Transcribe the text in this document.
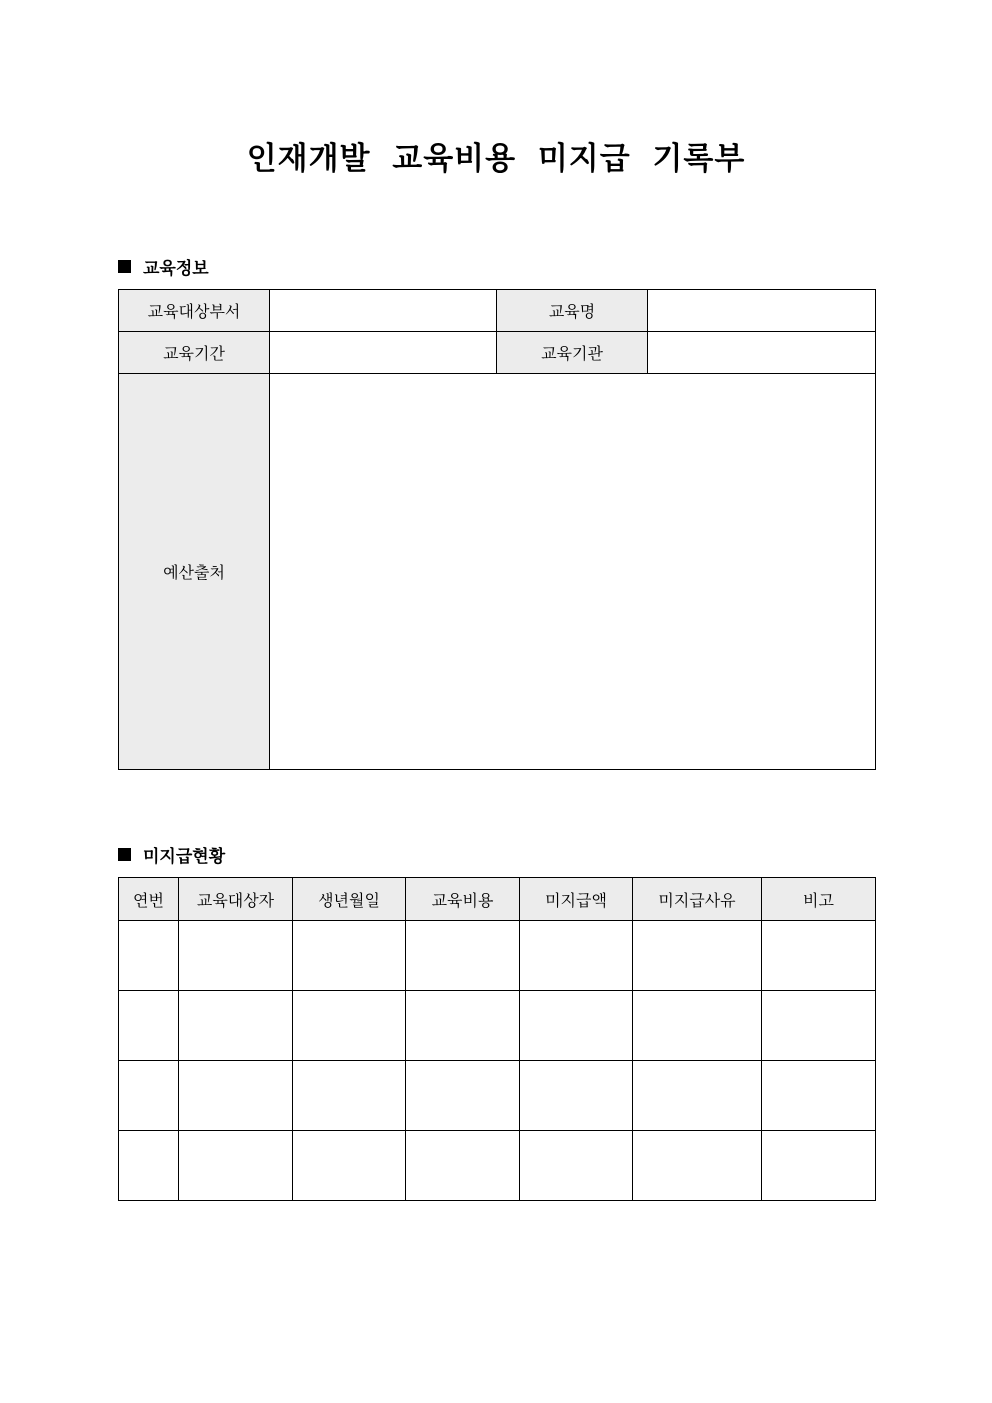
인재개발 교육비용 미지급 기록부
교육정보
교육대상부서		교육명	
교육기간		교육기관	
예산출처			
미지급현황
연번	교육대상자	생년월일	교육비용	미지급액	미지급사유	비고
